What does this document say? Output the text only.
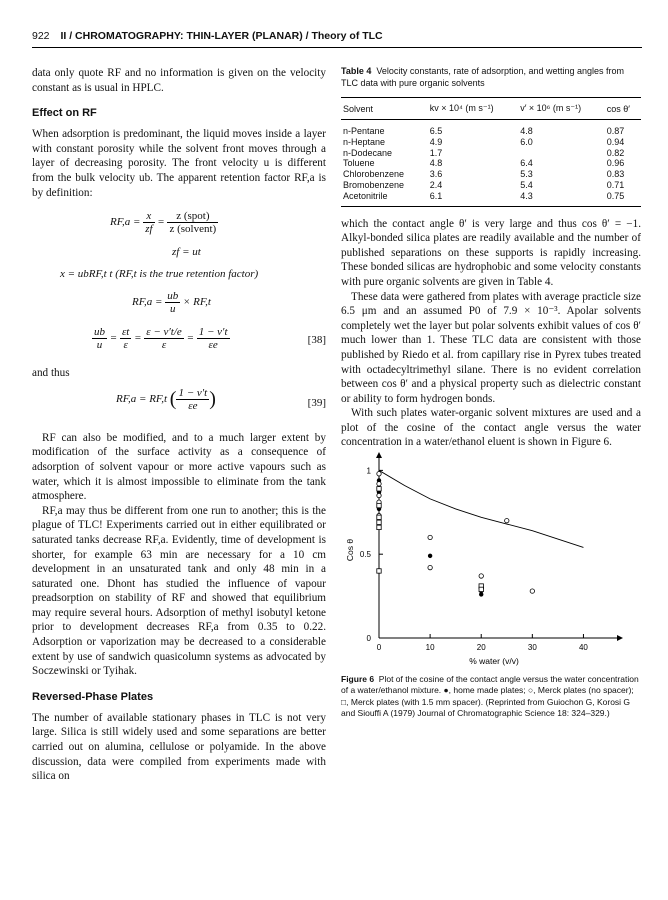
922 II / CHROMATOGRAPHY: THIN-LAYER (PLANAR) / Theory of TLC

data only quote RF and no information is given on the velocity constant as is usual in HPLC.

Effect on RF

When adsorption is predominant, the liquid moves inside a layer with constant porosity while the solvent front moves through a layer of decreasing porosity. The front velocity u is different from the bulk velocity ub. The apparent retention factor RF,a is by definition:

$RF,a = \frac{x}{zf} = \frac{\text{z (spot)}}{\text{z (solvent)}}$
zf = ut
x = ubRF,t t (RF,t is the true retention factor)
$RF,a = \frac{ub}{u} \times RF,t$
$\frac{ub}{u} = \frac{\varepsilon t}{\varepsilon} = \frac{\varepsilon - v't/e}{\varepsilon} = \frac{1 - v't}{\varepsilon e}$	[38]

and thus

RF,a = RF,t ( $\frac{1 - v't}{\varepsilon e}$ )	[39]

RF can also be modified, and to a much larger extent by modification of the surface activity as a consequence of adsorption of solvent vapour or more active vapours such as water, which it is almost impossible to eliminate from the tank atmosphere.

RF,a may thus be different from one run to another; this is the plague of TLC! Experiments carried out in either equilibrated or saturated tanks decrease RF,a. Evidently, time of development is shorter, for example 63 min are necessary for a 10 cm development in an unsaturated tank and only 48 min in a saturated one. Dhont has studied the influence of vapour preadsorption on stability of RF and showed that equilibrium may require several hours. Adsorption of methyl isobutyl ketone prior to development decreases RF,a from 0.35 to 0.22. Adsorption or vaporization may be decreased to a considerable extent by use of sandwich quasicolumn systems as advocated by Soczewinski or Tyihak.

Reversed-Phase Plates

The number of available stationary phases in TLC is not very large. Silica is still widely used and some separations are better carried out on alumina, cellulose or polyamide. In the above discussion, data were compiled from experiments made with silica on

Table 4 Velocity constants, rate of adsorption, and wetting angles from TLC data with pure organic solvents
Solvent	kv × 10⁴ (m s⁻¹)	v′ × 10⁶ (m s⁻¹)	cos θ′
n-Pentane	6.5	4.8	0.87
n-Heptane	4.9	6.0	0.94
n-Dodecane	1.7		0.82
Toluene	4.8	6.4	0.96
Chlorobenzene	3.6	5.3	0.83
Bromobenzene	2.4	5.4	0.71
Acetonitrile	6.1	4.3	0.75

which the contact angle θ′ is very large and thus cos θ′ = −1. Alkyl-bonded silica plates are readily available and the number of published separations on these supports is rapidly increasing. These bonded silicas are hydrophobic and some velocity constants with pure organic solvents are given in Table 4.

These data were gathered from plates with average practicle size 6.5 μm and an assumed P0 of 7.9 × 10⁻³. Apolar solvents completely wet the layer but polar solvents exhibit values of cos θ′ much lower than 1. These TLC data are consistent with those published by Riedo et al. from capillary rise in Pyrex tubes treated with octadecyltrimethyl silane. There is no evident correlation between cos θ′ and a physical property such as dielectric constant or ability to form hydrogen bonds.

With such plates water-organic solvent mixtures are used and a plot of the cosine of the contact angle versus the water concentration in a water/ethanol eluent is shown in Figure 6.

0	10	20	30	40
0
0.5
1
% water (v/v)
Cos θ
Figure 6 Plot of the cosine of the contact angle versus the water concentration of a water/ethanol mixture. ●, home made plates; ○, Merck plates (no spacer); □, Merck plates (with 1.5 mm spacer). (Reprinted from Guiochon G, Korosi G and Siouffi A (1979) Journal of Chromatographic Science 18: 324–329.)
